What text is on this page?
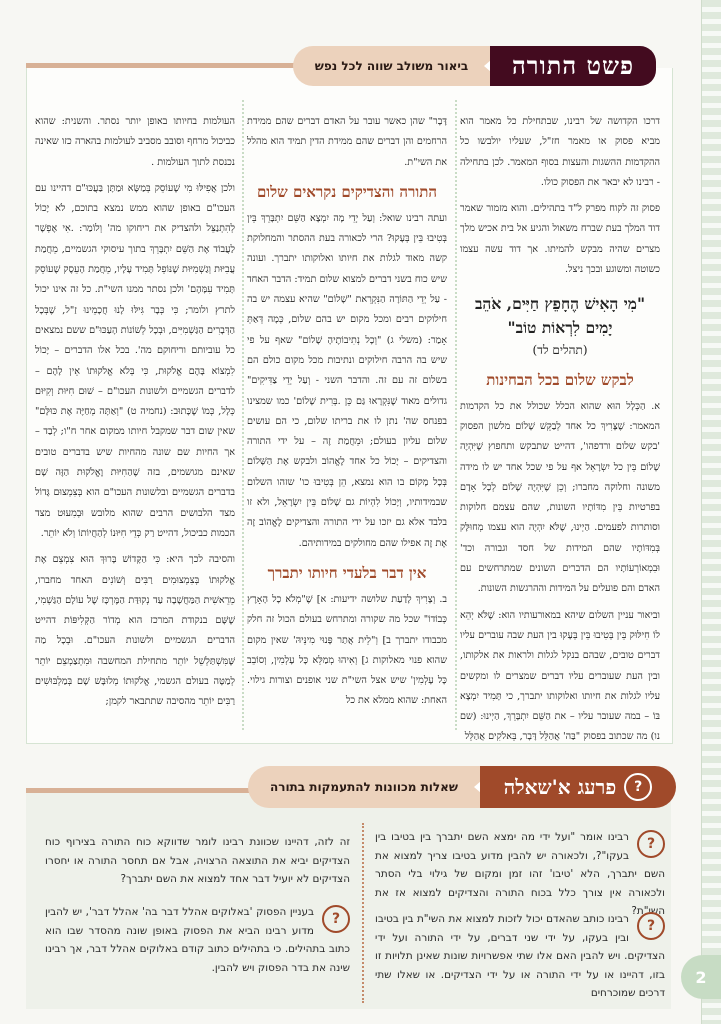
2
ביאור משולב שווה לכל נפש	פשט התורה

דרכו הקדושה של רבינו, שבתחילת כל מאמר הוא מביא פסוק או מאמר חז"ל, שעליו יולבשו כל ההקדמות ההשגות והעצות בסוף המאמר. לכן בתחילה - רבינו לא יבאר את הפסוק כולו.

פסוק זה לקוח מפרק ל"ד בתהילים. והוא מזמור שאמר דוד המלך בעת שברח משאול והגיע אל בית אכיש מלך מצרים שהיה מבקש להמיתו. אך דוד עשה עצמו כשוטה ומשוגע ובכך ניצל.

"מִי הָאִישׁ הֶחָפֵץ חַיִּים, אֹהֵב יָמִים לִרְאוֹת טוֹב"
(תהלים לד)
לבקש שלום בכל הבחינות

א. הַכְּלָל הוּא שהוא הכלל שכולל את כל הקדמות המאמר: שֶׁצָּרִיךְ כל אחד לְבַקֵּשׁ שָׁלוֹם מלשון הפסוק 'בקש שלום ורדפהו', דהייט שתבקש ותחפוץ שֶׁיִּהְיֶה שָׁלוֹם בֵּין כל יִשְׂרָאֵל אף על פי שכל אחד יש לו מידה משונה וחלוקה מחברו; וְכֵן שֶׁיִּהְיֶה שָׁלוֹם לְכָל אָדָם בפרטיות בֵּין מִדּוֹתָיו השונות, שהם עצמם חלוקות וסותרות לפעמים. הַיְינוּ, שֶׁלֹּא יִהְיֶה הוא עצמו מְחוּלָּק בְּמִדּוֹתָיו שהם המידות של חסד וגבורה וכד' וּבִמְאוֹרְעוֹתָיו הם הדברים השונים שמתרחשים עם האדם והם פועלים על המידות וההרגשות השונות.

וביאור עניין השלום שיהא במאורעותיו הוא: שֶׁלֹּא יְהֵא לוֹ חִילּוּק בֵּין בְּטִיבוּ בֵּין בְּעָקוּ בין העת שבה עוברים עליו דברים טובים, שבהם בנקל לגלות ולראות את אלקותו, ובין העת שעוברים עליו דברים שמצרים לו ומקשים עליו לגלות את חיותו ואלוקותו יתברך, כי תָּמִיד יִמְצָא בּוֹ – במה שעובר עליו – את הַשֵּׁם יִתְבָּרֵךְ, הַיְינוּ: (שם נו) מה שכתוב בפסוק "בַּה' אֲהַלֵּל דָּבָר, בֵּאלֹקִים אֲהַלֵּל

דָּבָר" שהן כאשר עובר על האדם דברים שהם ממידת הרחמים והן דברים שהם ממידת הדין תמיד הוא מהלל את השי"ת.

התורה והצדיקים נקראים שלום

ועתה רבינו שואל: וְעַל יְדֵי מָה יִמְצָא הַשֵּׁם יִתְבָּרֵךְ בֵּין בְּטִיבוּ בֵּין בְּעָקוּ? הרי לכאורה בעת ההסתר והמחלוקת קשה מאוד לגלות את חיותו ואלוקותו יתברך. ועונה שיש כוח בשני דברים למצוא שלום תמיד: הדבר האחד - עַל יְדֵי הַתּוֹרָה הַנִּקְרֵאת "שָׁלוֹם" שהיא עצמה יש בה חילוקים רבים ומכל מקום יש בהם שלום, כְּמָה דְּאַתְּ אָמַר: (משלי ג) "וְכָל נְתִיבוֹתֶיהָ שָׁלוֹם" שאף על פי שיש בה הרבה חילוקים ונתיבות מכל מקום כולם הם בשלום זה עם זה. והדבר השני - וְעַל יְדֵי צַדִּיקִים" גדולים מאוד שֶׁנִּקְרָאוּ גַּם כֵּן .בְּרִית שָׁלוֹם' כמו שמצינו בפנחס שה' נתן לו את בריתו שלום, כי הם עושים שלום עליון בעולם; וּמֵחֲמַת זֶה – על ידי התורה והצדיקים – יָכוֹל כל אחד לֶאֱהוֹב ולבקש אֶת הַשָּׁלוֹם בְּכָל מָקוֹם בו הוא נמצא, הֵן בְּטִיבוּ כו' שזהו השלום שבמידותיו, וְיָכוֹל לִהְיוֹת גם שָׁלוֹם בֵּין יִשְׂרָאֵל, ולא זו בלבד אלא גם יזכו על ידי התורה והצדיקים לֶאֱהוֹב זֶה אֶת זֶה אפילו שהם מחולקים במידותיהם.

אין דבר בלעדי חיותו יתברך

ב. וְצָרִיךְ לָדַעַת שלושה ידיעות: א] שֶׁ"מְלֹא כָל הָאָרֶץ כְּבוֹדוֹ" שכל מה שקורה ומתרחש בעולם הכול זה חלק מכבודו יתברך ב] וְ"לֵית אֲתַר פָּנוּי מִינֵּיהּ' שאין מקום שהוא פנוי מאלוקות ג] וְאִיהוּ מְמַלֵּא כָּל עָלְמִין, וְסוֹבֵב כָּל עָלְמִין' שיש אצל השי"ת שני אופנים וצורות גילוי. האחת: שהוא ממלא את כל

העולמות בחיותו באופן יותר נסתר. והשנית: שהוא כביכול מרחף וסובב מסביב לעולמות בהארה כזו שאינה נכנסת לתוך העולמות .

ולכן אֲפִילּוּ מִי שֶׁעוֹסֵק בְּמַשָּׂא וּמַתָּן בַּעֲכּוּ"ם דהיינו עם העכו"ם באופן שהוא ממש נמצא בתוכם, לֹא יָכוֹל לְהִתְנַצֵּל ולהצדיק את ריחוקו מה' וְלוֹמַר: .אִי אֶפְשָׁר לַעֲבוֹד אֶת הַשֵּׁם יִתְבָּרֵךְ בתוך עיסוקי הגשמיים, מֵחֲמַת עֲבִיּוּת וְגַשְׁמִיּוּת שֶׁנּוֹפֵל תָּמִיד עָלָיו, מֵחֲמַת הָעֵסֶק שֶׁעוֹסֵק תָּמִיד עִמָּהֶם' ולכן נסתר ממנו השי"ת. כל זה אינו יכול לתרץ ולומר; כִּי כְּבָר גִּילּוּ לָנוּ חֲכָמֵינוּ זַ"ל, שֶׁבְּכָל הַדְּבָרִים הַגַּשְׁמִיִּים, וּבְכָל לְשׁוֹנוֹת הָעַכּוּ"ם ששם נמצאים כל עוביותם וריחוקם מה'. בכל אלו הדברים – יָכוֹל לִמְצוֹא בָּהֶם אֱלֹקוּת, כִּי בְּלֹא אֱלֹקוּתוֹ אֵין לָהֶם – לדברים הגשמיים ולשונות העכו"ם – שׁוּם חִיּוּת וְקִיּוּם כְּלָל, כְּמוֹ שֶׁכָּתוּב: (נחמיה ט) "וְאַתָּה מְחַיֶּה אֶת כּוּלָּם" שאין שום דבר שמקבל חיותו ממקום אחר ח"ו; לְבַד – אך החיות שם שונה מהחיות שיש בדברים טובים שאינם מגושמים, בזה שֶׁהַחִיּוּת וֶאֱלֹקוּת הַזֶּה שָׁם בדברים הגשמיים ובלשונות העכו"ם הוא בְּצִמְצוּם גָּדוֹל מצד הלבושים הרבים שהוא מלובש וּבְמִעוּט מצד הכמות כביכול, דהייט רַק כְּדֵי חִיּוּנוֹ לְהַחֲיוֹתוֹ וְלֹא יוֹתֵר.

והסיבה לכך היא: כִּי הַקָּדוֹשׁ בָּרוּךְ הוּא צִמְצֵם אֶת אֱלֹקוּתוֹ בְּצִמְצוּמִים רַבִּים וְשׁוֹנִים האחד מחברו, מֵרֵאשִׁית הַמַּחֲשָׁבָה עַד נְקוּדַּת הַמֶּרְכָּז שֶׁל עוֹלָם הַגַּשְׁמִי, שֶׁשָּׁם בנקודת המרכז הוא מְדוֹר הַקְּלִיפּוֹת דהייט הדברים הגשמיים ולשונות העכו"ם. וּבְכָל מַה שֶּׁמִּשְׁתַּלְשֵׁל יוֹתֵר מתחילת המחשבה וּמִתְצַמְצֵם יוֹתֵר לְמַטָּה בעולם הגשמי, אֱלֹקוּתוֹ מְלוּבָּשׁ שָׁם בְּמַלְבּוּשִׁים רַבִּים יוֹתֵר מהסיבה שתתבאר לקמן;

שאלות מכוונות להתעמקות בתורה	?
פרעג א'שאלה
?
רבינו אומר "ועל ידי מה ימצא השם יתברך בין בטיבו בין בעקו"?, ולכאורה יש להבין מדוע בטיבו צריך למצוא את השם יתברך, הלא 'טיבו' זהו זמן ומקום של גילוי בלי הסתר ולכאורה אין צורך כלל בכוח התורה והצדיקים למצוא אז את השי"ת?
?
רבינו כותב שהאדם יכול לזכות למצוא את השי"ת בין בטיבו ובין בעקו, על ידי שני דברים, על ידי התורה ועל ידי הצדיקים. ויש להבין האם אלו שתי אפשרויות שונות שאינן תלויות זו בזו, דהיינו או על ידי התורה או על ידי הצדיקים. או שאלו שתי דרכים שמוכרחים
זה לזה, דהיינו שכוונת רבינו לומר שדווקא כוח התורה בצירוף כוח הצדיקים יביא את התוצאה הרצויה, אבל אם תחסר התורה או יחסרו הצדיקים לא יועיל דבר אחד למצוא את השם יתברך?
?
בעניין הפסוק 'באלוקים אהלל דבר בה' אהלל דבר', יש להבין מדוע רבינו הביא את הפסוק באופן שונה מהסדר שבו הוא כתוב בתהילים. כי בתהילים כתוב קודם באלוקים אהלל דבר, אך רבינו שינה את בדר הפסוק ויש להבין.
